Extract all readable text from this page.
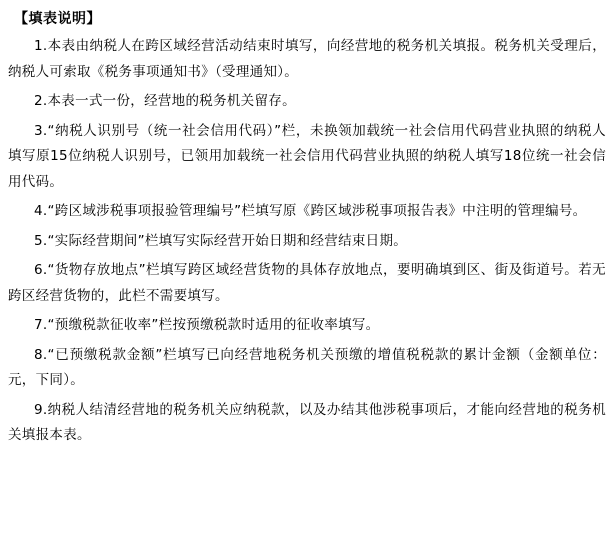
【填表说明】

1.本表由纳税人在跨区域经营活动结束时填写，向经营地的税务机关填报。税务机关受理后，纳税人可索取《税务事项通知书》（受理通知）。

2.本表一式一份，经营地的税务机关留存。

3.“纳税人识别号（统一社会信用代码）”栏，未换领加载统一社会信用代码营业执照的纳税人填写原15位纳税人识别号，已领用加载统一社会信用代码营业执照的纳税人填写18位统一社会信用代码。

4.“跨区域涉税事项报验管理编号”栏填写原《跨区域涉税事项报告表》中注明的管理编号。

5.“实际经营期间”栏填写实际经营开始日期和经营结束日期。

6.“货物存放地点”栏填写跨区域经营货物的具体存放地点，要明确填到区、街及街道号。若无跨区经营货物的，此栏不需要填写。

7.“预缴税款征收率”栏按预缴税款时适用的征收率填写。

8.“已预缴税款金额”栏填写已向经营地税务机关预缴的增值税税款的累计金额（金额单位：元，下同）。

9.纳税人结清经营地的税务机关应纳税款，以及办结其他涉税事项后，才能向经营地的税务机关填报本表。
